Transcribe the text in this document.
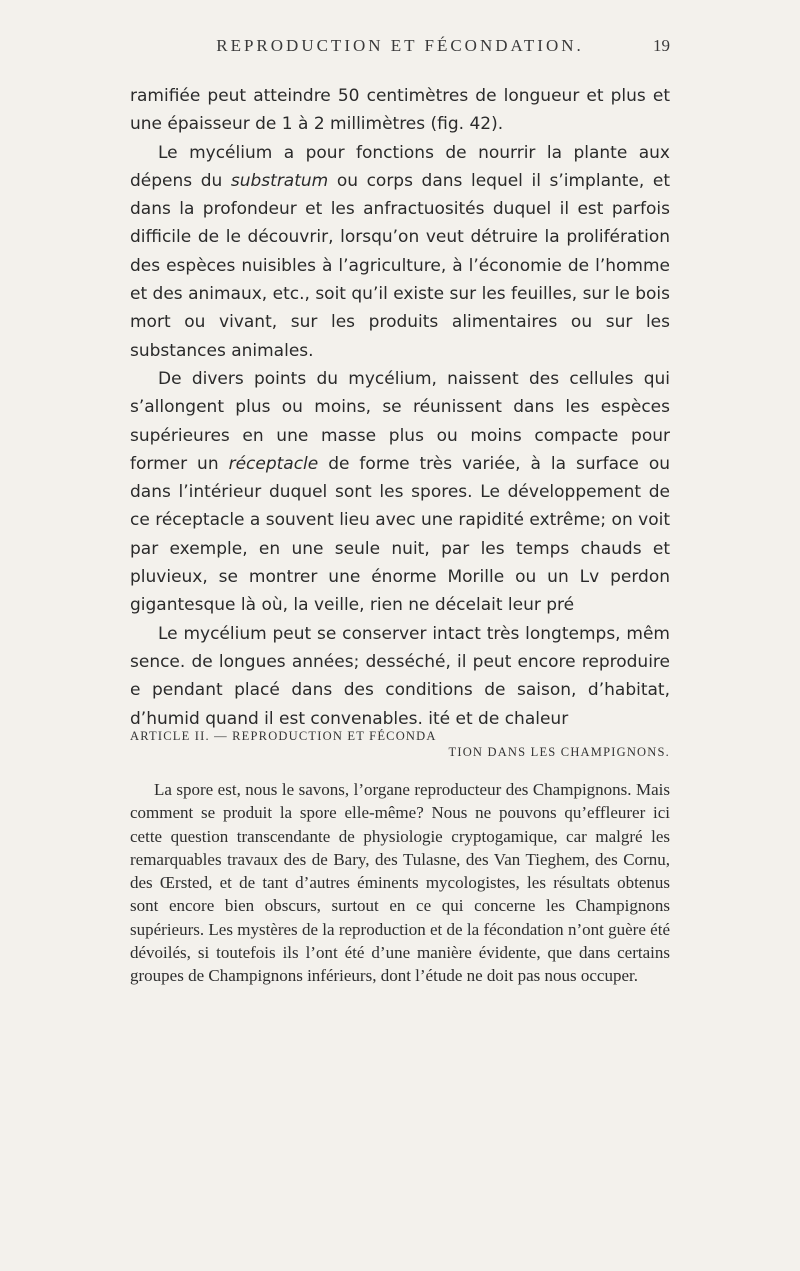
REPRODUCTION ET FÉCONDATION.	19

ramifiée peut atteindre 50 centimètres de longueur et plus et une épaisseur de 1 à 2 millimètres (fig. 42).

Le mycélium a pour fonctions de nourrir la plante aux dépens du substratum ou corps dans lequel il s’implante, et dans la profondeur et les anfractuosités duquel il est parfois difficile de le découvrir, lorsqu’on veut détruire la prolifération des espèces nuisibles à l’agriculture, à l’économie de l’homme et des animaux, etc., soit qu’il existe sur les feuilles, sur le bois mort ou vivant, sur les produits alimentaires ou sur les substances animales.

De divers points du mycélium, naissent des cellules qui s’allongent plus ou moins, se réunissent dans les espèces supérieures en une masse plus ou moins compacte pour former un réceptacle de forme très variée, à la surface ou dans l’intérieur duquel sont les spores. Le développement de ce réceptacle a souvent lieu avec une rapidité extrême; on voit par exemple, en une seule nuit, par les temps chauds et pluvieux, se montrer une énorme Morille ou un Lv perdon gigantesque là où, la veille, rien ne décelait leur pré

Le mycélium peut se conserver intact très longtemps, mêm sence. de longues années; desséché, il peut encore reproduire e pendant placé dans des conditions de saison, d’habitat, d’humid quand il est convenables. ité et de chaleur

ARTICLE II. — REPRODUCTION ET FÉCONDA
TION DANS LES CHAMPIGNONS.

La spore est, nous le savons, l’organe reproducteur des Champignons. Mais comment se produit la spore elle-même? Nous ne pouvons qu’effleurer ici cette question transcendante de physiologie cryptogamique, car malgré les remarquables travaux des de Bary, des Tulasne, des Van Tieghem, des Cornu, des Œrsted, et de tant d’autres éminents mycologistes, les résultats obtenus sont encore bien obscurs, surtout en ce qui concerne les Champignons supérieurs. Les mystères de la reproduction et de la fécondation n’ont guère été dévoilés, si toutefois ils l’ont été d’une manière évidente, que dans certains groupes de Champignons inférieurs, dont l’étude ne doit pas nous occuper.
